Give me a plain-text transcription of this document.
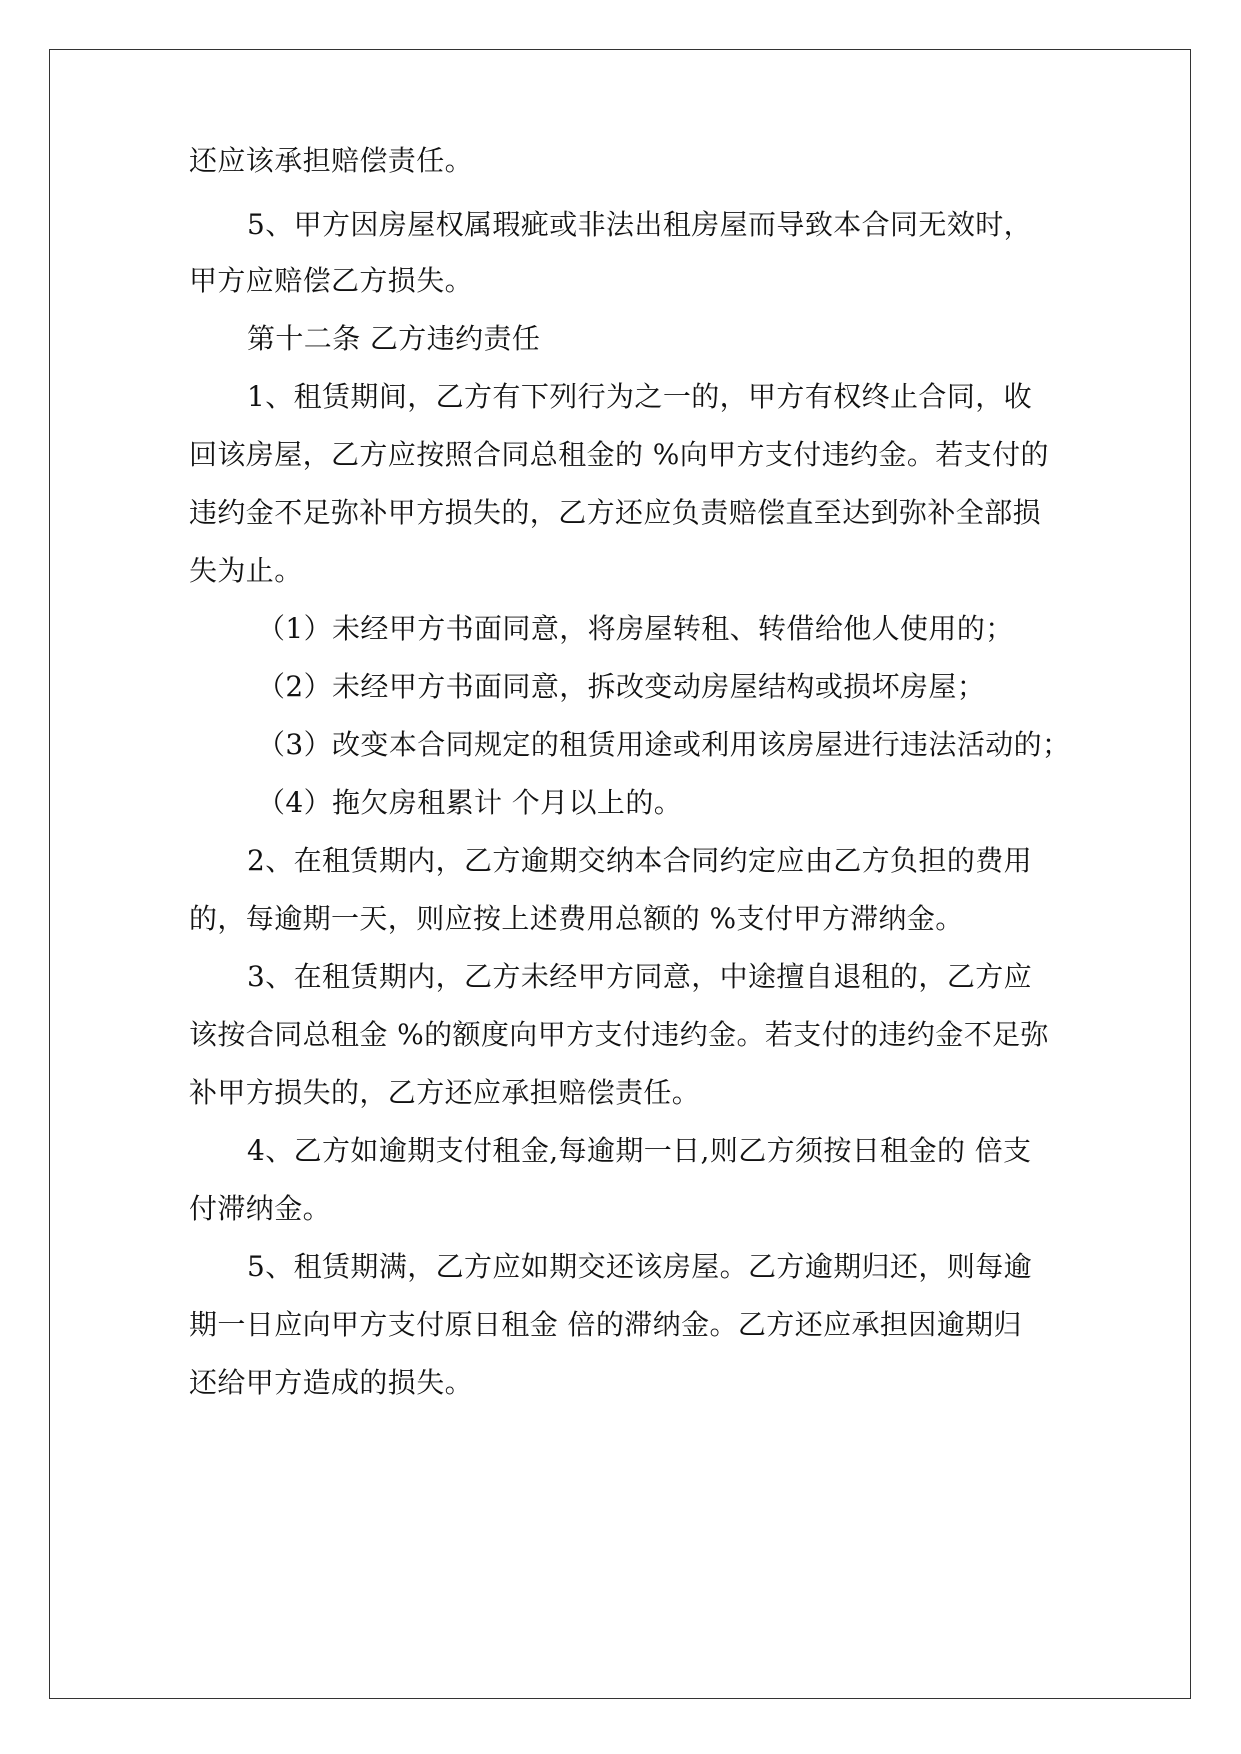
还应该承担赔偿责任。
5、甲方因房屋权属瑕疵或非法出租房屋而导致本合同无效时，
甲方应赔偿乙方损失。
第十二条 乙方违约责任
1、租赁期间，乙方有下列行为之一的，甲方有权终止合同，收
回该房屋，乙方应按照合同总租金的 %向甲方支付违约金。若支付的
违约金不足弥补甲方损失的，乙方还应负责赔偿直至达到弥补全部损
失为止。
（1）未经甲方书面同意，将房屋转租、转借给他人使用的；
（2）未经甲方书面同意，拆改变动房屋结构或损坏房屋；
（3）改变本合同规定的租赁用途或利用该房屋进行违法活动的；
（4）拖欠房租累计 个月以上的。
2、在租赁期内，乙方逾期交纳本合同约定应由乙方负担的费用
的，每逾期一天，则应按上述费用总额的 %支付甲方滞纳金。
3、在租赁期内，乙方未经甲方同意，中途擅自退租的，乙方应
该按合同总租金 %的额度向甲方支付违约金。若支付的违约金不足弥
补甲方损失的，乙方还应承担赔偿责任。
4、乙方如逾期支付租金,每逾期一日,则乙方须按日租金的 倍支
付滞纳金。
5、租赁期满，乙方应如期交还该房屋。乙方逾期归还，则每逾
期一日应向甲方支付原日租金 倍的滞纳金。乙方还应承担因逾期归
还给甲方造成的损失。
